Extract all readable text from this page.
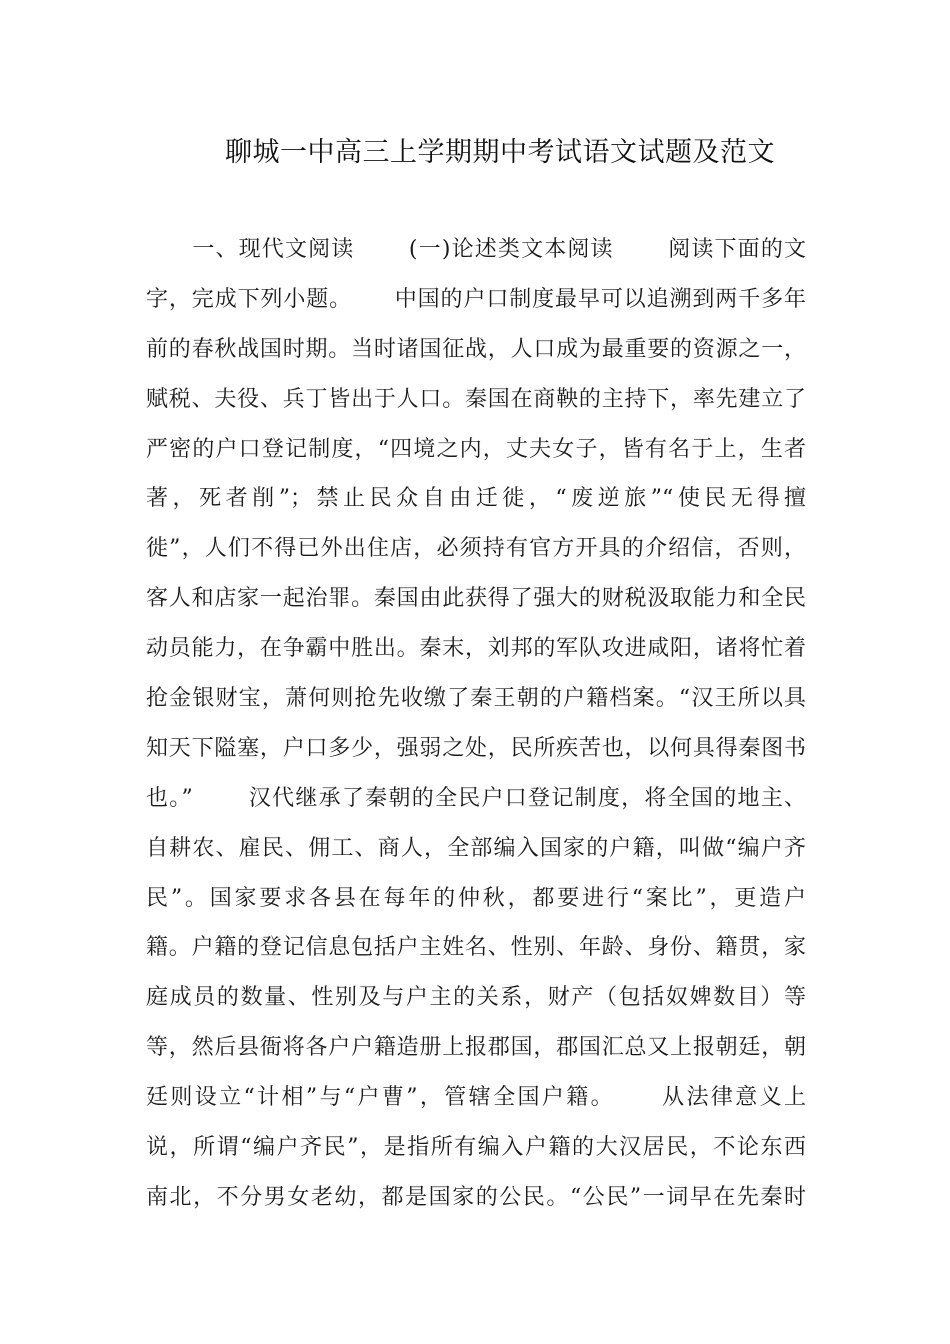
聊城一中高三上学期期中考试语文试题及范文
　　一、现代文阅读　　 (一)论述类文本阅读　　 阅读下面的文
字，完成下列小题。　　 中国的户口制度最早可以追溯到两千多年
前的春秋战国时期。当时诸国征战，人口成为最重要的资源之一，
赋税、夫役、兵丁皆出于人口。秦国在商鞅的主持下，率先建立了
严密的户口登记制度，“四境之内，丈夫女子，皆有名于上，生者
著，死者削”；禁止民众自由迁徙，“废逆旅”“使民无得擅
徙”，人们不得已外出住店，必须持有官方开具的介绍信，否则，
客人和店家一起治罪。秦国由此获得了强大的财税汲取能力和全民
动员能力，在争霸中胜出。秦末，刘邦的军队攻进咸阳，诸将忙着
抢金银财宝，萧何则抢先收缴了秦王朝的户籍档案。“汉王所以具
知天下隘塞，户口多少，强弱之处，民所疾苦也，以何具得秦图书
也。”　　 汉代继承了秦朝的全民户口登记制度，将全国的地主、
自耕农、雇民、佣工、商人，全部编入国家的户籍，叫做“编户齐
民”。国家要求各县在每年的仲秋，都要进行“案比”，更造户
籍。户籍的登记信息包括户主姓名、性别、年龄、身份、籍贯，家
庭成员的数量、性别及与户主的关系，财产（包括奴婢数目）等
等，然后县衙将各户户籍造册上报郡国，郡国汇总又上报朝廷，朝
廷则设立“计相”与“户曹”，管辖全国户籍。　　 从法律意义上
说，所谓“编户齐民”，是指所有编入户籍的大汉居民，不论东西
南北，不分男女老幼，都是国家的公民。“公民”一词早在先秦时
